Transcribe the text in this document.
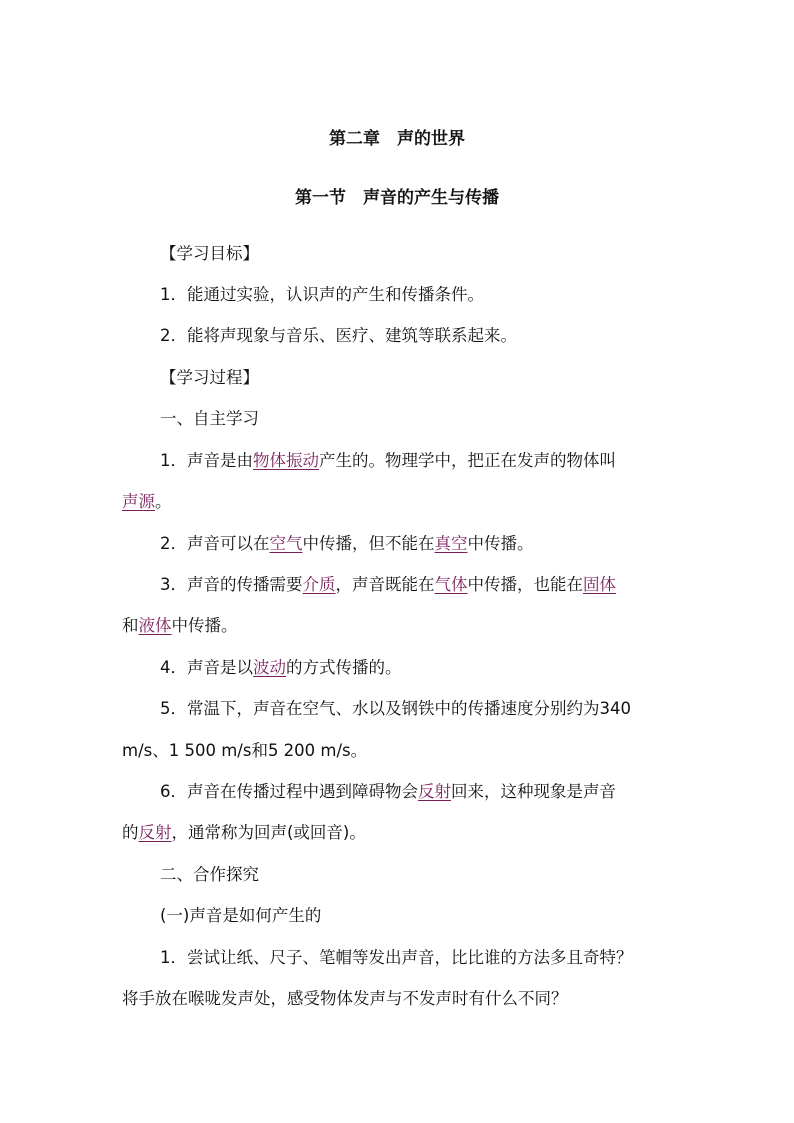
第二章　声的世界
第一节　声音的产生与传播
【学习目标】
1．能通过实验，认识声的产生和传播条件。
2．能将声现象与音乐、医疗、建筑等联系起来。
【学习过程】
一、自主学习
1．声音是由物体振动产生的。物理学中，把正在发声的物体叫
声源。
2．声音可以在空气中传播，但不能在真空中传播。
3．声音的传播需要介质，声音既能在气体中传播，也能在固体
和液体中传播。
4．声音是以波动的方式传播的。
5．常温下，声音在空气、水以及钢铁中的传播速度分别约为340
m/s、1 500 m/s和5 200 m/s。
6．声音在传播过程中遇到障碍物会反射回来，这种现象是声音
的反射，通常称为回声(或回音)。
二、合作探究
(一)声音是如何产生的
1．尝试让纸、尺子、笔帽等发出声音，比比谁的方法多且奇特？
将手放在喉咙发声处，感受物体发声与不发声时有什么不同？
